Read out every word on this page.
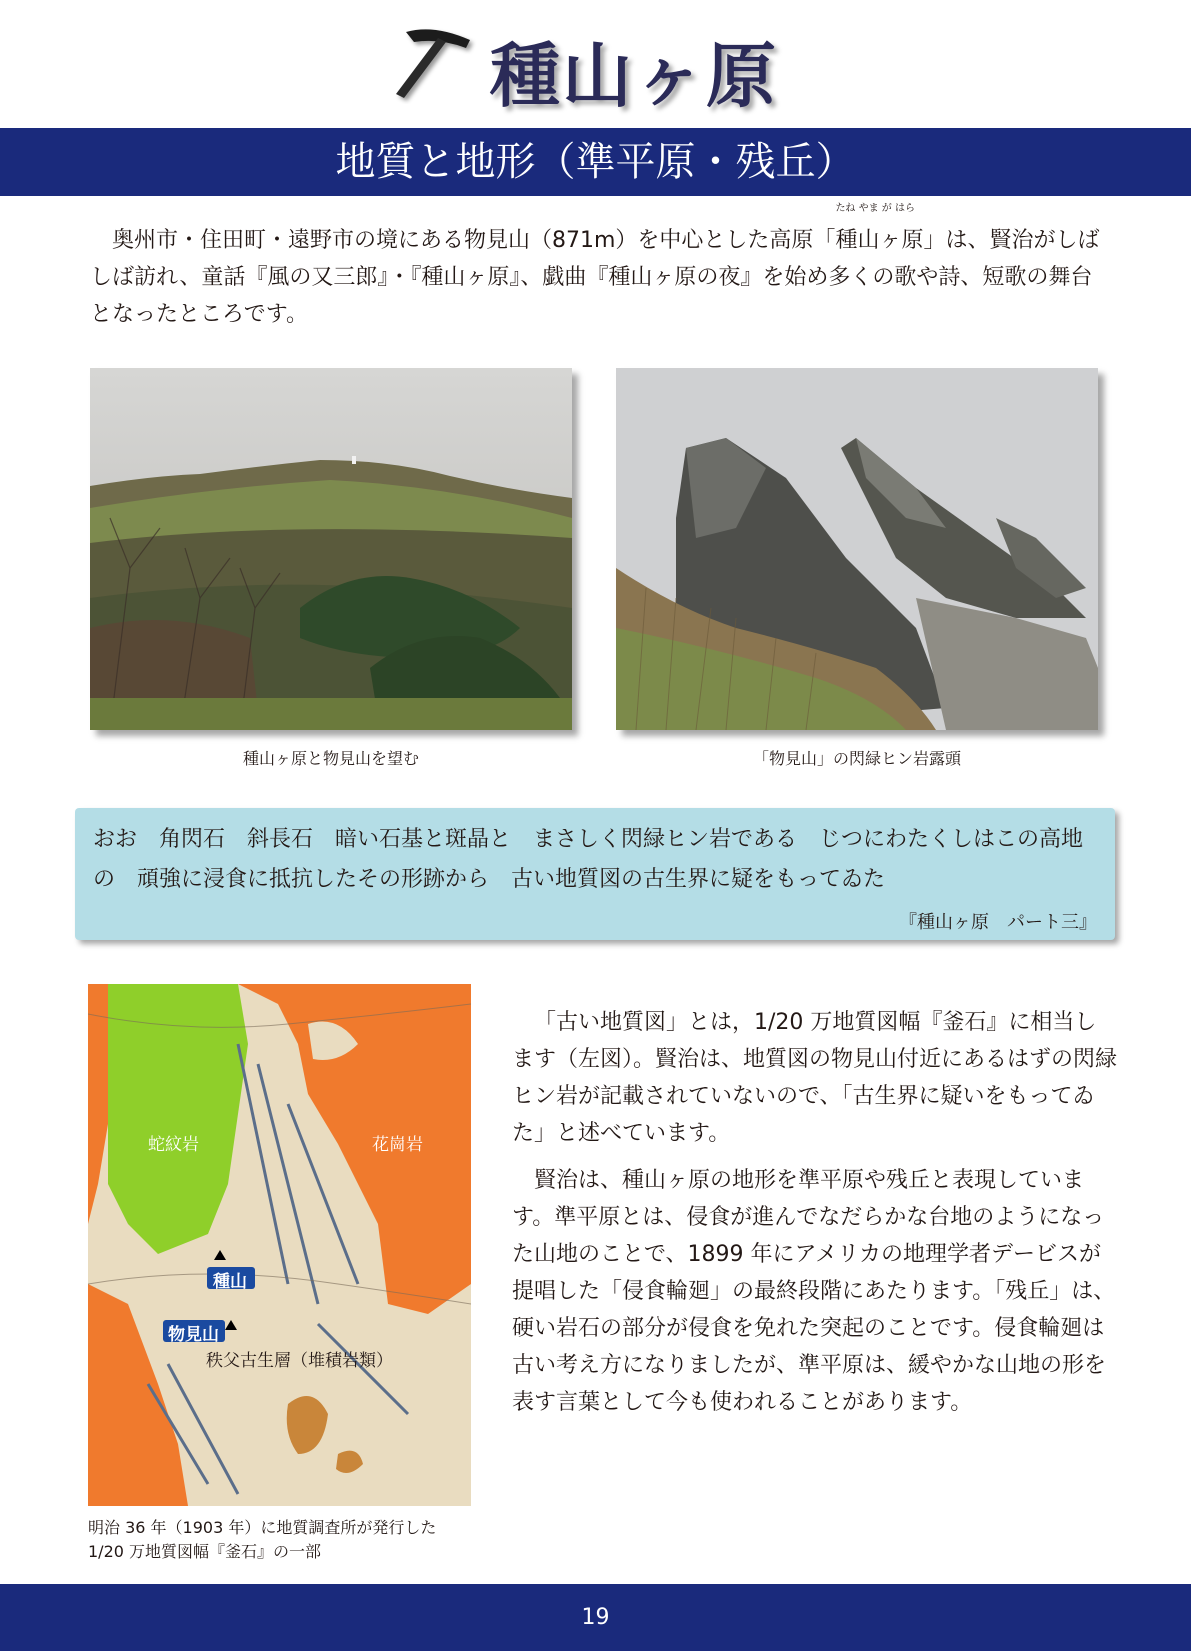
種山ヶ原
地質と地形（準平原・残丘）
　奥州市・住田町・遠野市の境にある物見山（871m）を中心とした高原「
たね やま が はら
種山ヶ原」は、賢治がしばしば訪れ、童話『風の又三郎』・『種山ヶ原』、戯曲『種山ヶ原の夜』を始め多くの歌や詩、短歌の舞台となったところです。
種山ヶ原と物見山を望む	「物見山」の閃緑ヒン岩露頭
おお　角閃石　斜長石　暗い石基と斑晶と　まさしく閃緑ヒン岩である　じつにわたくしはこの高地の　頑強に浸食に抵抗したその形跡から　古い地質図の古生界に疑をもってゐた
『種山ヶ原　パート三』
蛇紋岩	花崗岩
種山
物見山
秩父古生層（堆積岩類）
明治 36 年（1903 年）に地質調査所が発行した
1/20 万地質図幅『釜石』の一部

「古い地質図」とは，1/20 万地質図幅『釜石』に相当します（左図）。賢治は、地質図の物見山付近にあるはずの閃緑ヒン岩が記載されていないので、「古生界に疑いをもってゐた」と述べています。

賢治は、種山ヶ原の地形を準平原や残丘と表現しています。準平原とは、侵食が進んでなだらかな台地のようになった山地のことで、1899 年にアメリカの地理学者デービスが提唱した「侵食輪廻」の最終段階にあたります。「残丘」は、硬い岩石の部分が侵食を免れた突起のことです。侵食輪廻は古い考え方になりましたが、準平原は、緩やかな山地の形を表す言葉として今も使われることがあります。

19
